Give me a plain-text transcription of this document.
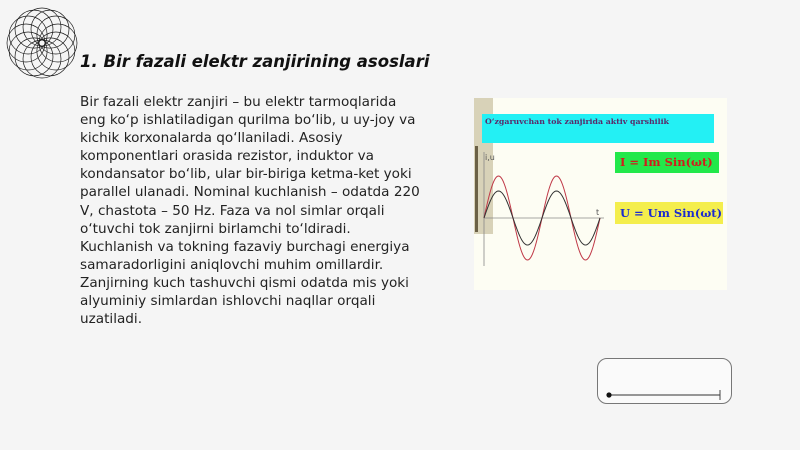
1. Bir fazali elektr zanjirining asoslari

Bir fazali elektr zanjiri – bu elektr tarmoqlarida eng ko‘p ishlatiladigan qurilma bo‘lib, u uy-joy va kichik korxonalarda qo‘llaniladi. Asosiy komponentlari orasida rezistor, induktor va kondansator bo‘lib, ular bir-biriga ketma-ket yoki parallel ulanadi. Nominal kuchlanish – odatda 220 V, chastota – 50 Hz. Faza va nol simlar orqali o‘tuvchi tok zanjirni birlamchi to‘ldiradi. Kuchlanish va tokning fazaviy burchagi energiya samaradorligini aniqlovchi muhim omillardir. Zanjirning kuch tashuvchi qismi odatda mis yoki alyuminiy simlardan ishlovchi naqllar orqali uzatiladi.

O‘zgaruvchan tok zanjirida aktiv qarshilik
i,u
t
I = Im Sin(ωt)
U = Um Sin(ωt)
